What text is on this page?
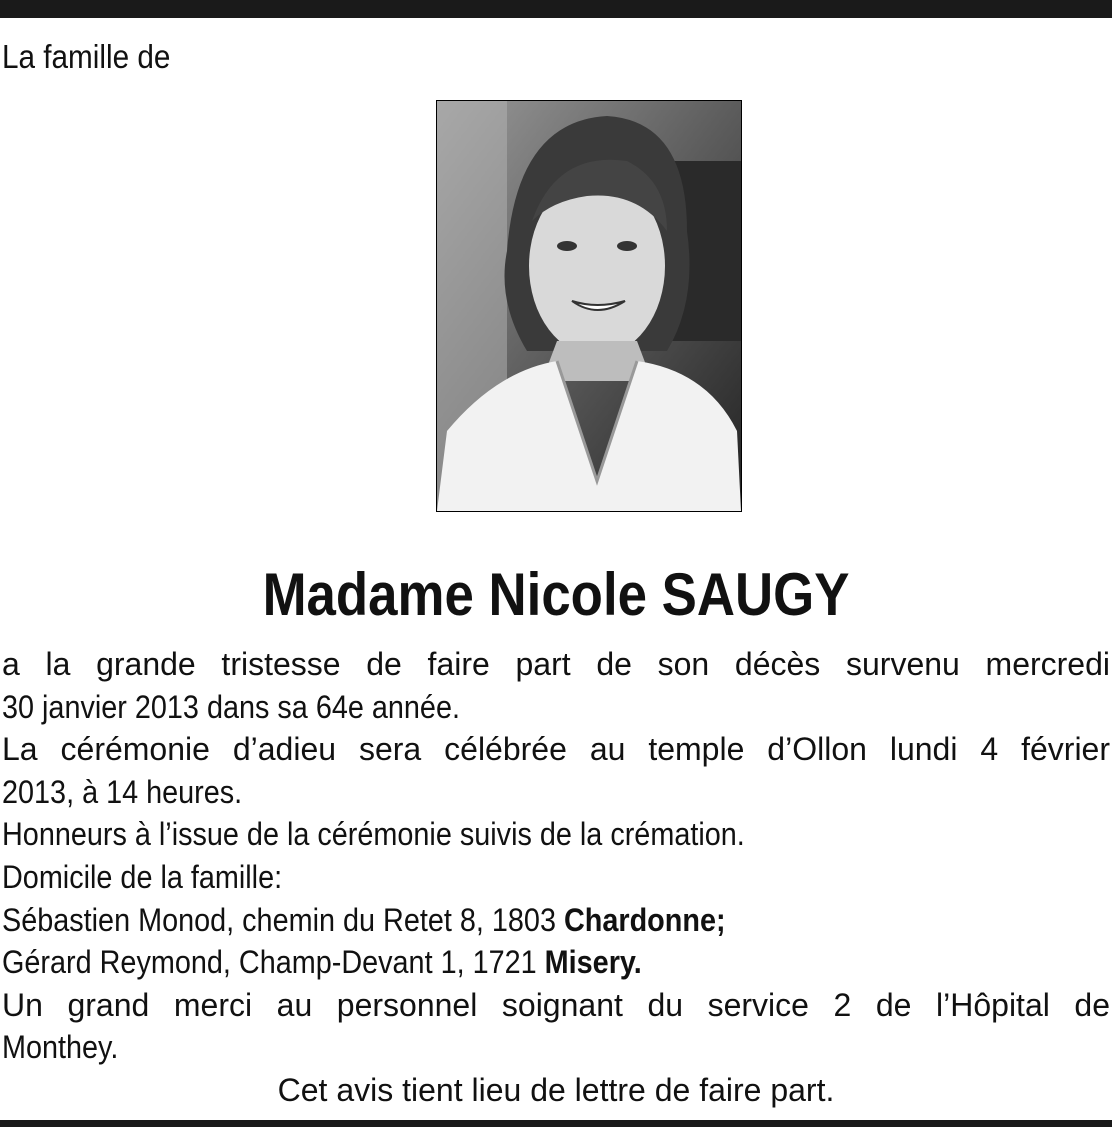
La famille de
Madame Nicole SAUGY
a la grande tristesse de faire part de son décès survenu mercredi
30 janvier 2013 dans sa 64e année.
La cérémonie d’adieu sera célébrée au temple d’Ollon lundi 4 février
2013, à 14 heures.
Honneurs à l’issue de la cérémonie suivis de la crémation.
Domicile de la famille:
Sébastien Monod, chemin du Retet 8, 1803 Chardonne;
Gérard Reymond, Champ-Devant 1, 1721 Misery.
Un grand merci au personnel soignant du service 2 de l’Hôpital de
Monthey.
Cet avis tient lieu de lettre de faire part.
